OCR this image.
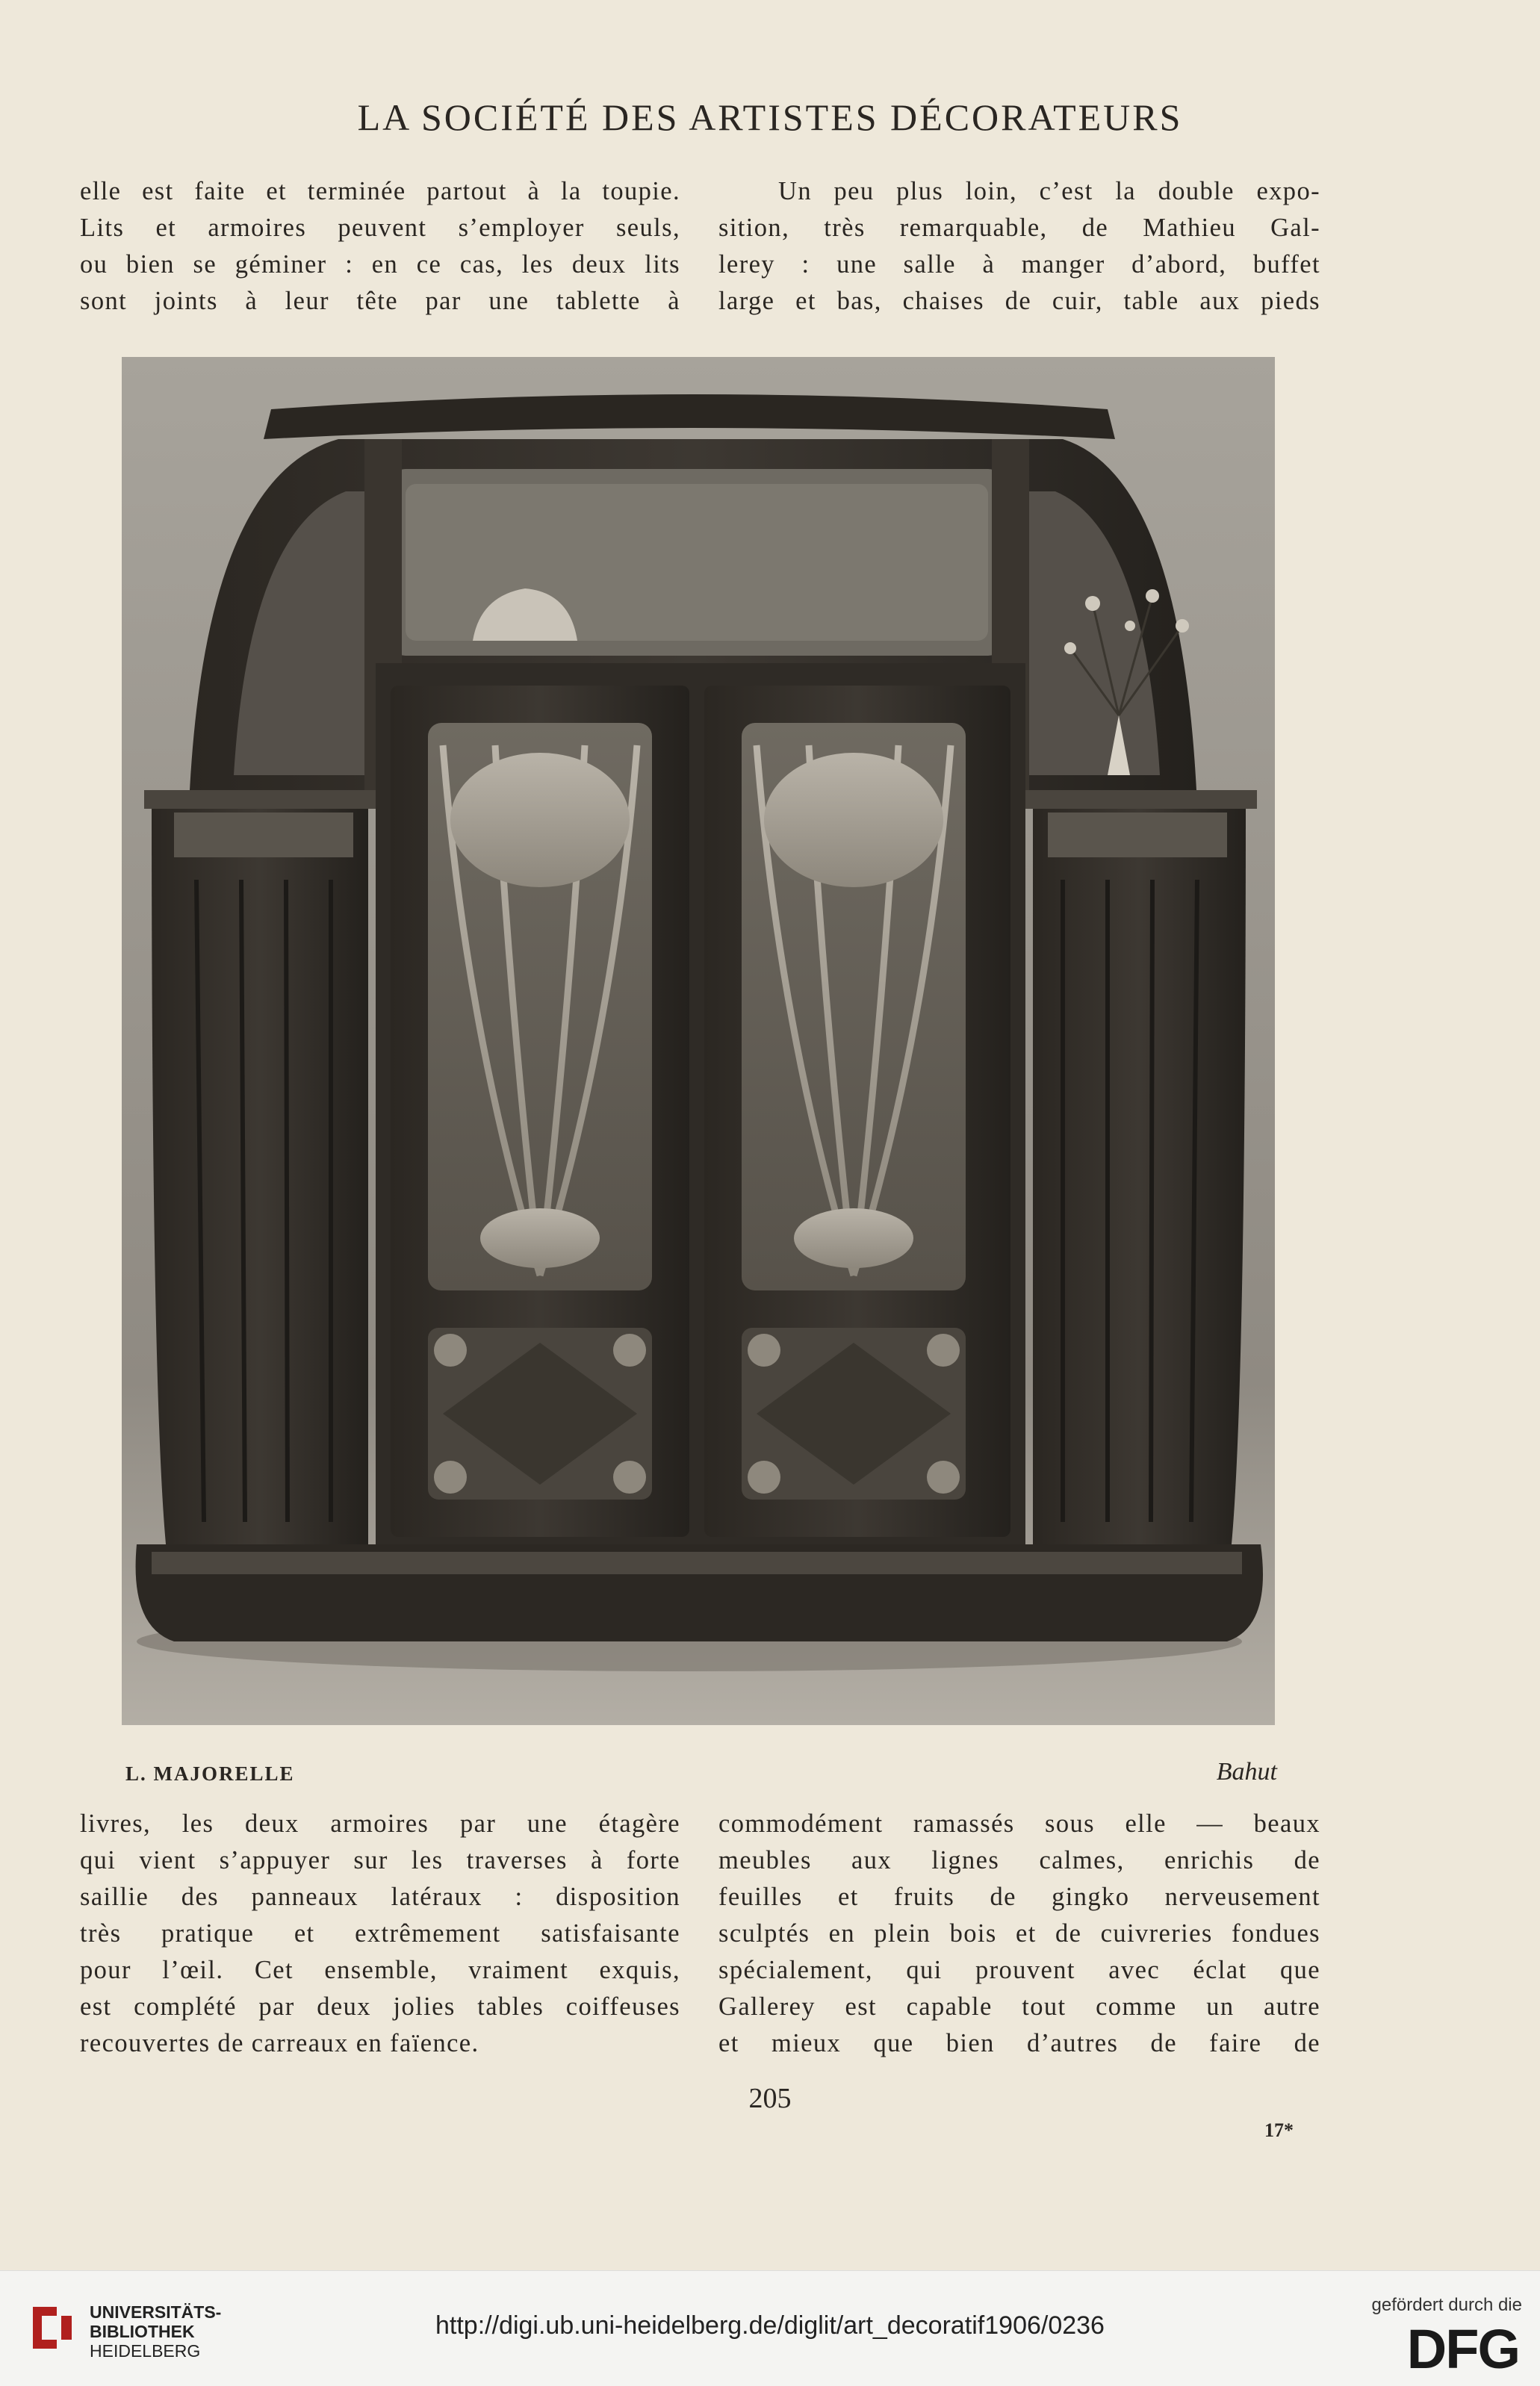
LA SOCIÉTÉ DES ARTISTES DÉCORATEURS
elle est faite et terminée partout à la toupie.
Lits et armoires peuvent s’employer seuls,
ou bien se géminer : en ce cas, les deux lits
sont joints à leur tête par une tablette à
Un peu plus loin, c’est la double expo-
sition, très remarquable, de Mathieu Gal-
lerey : une salle à manger d’abord, buffet
large et bas, chaises de cuir, table aux pieds
L. MAJORELLE	Bahut
livres, les deux armoires par une étagère
qui vient s’appuyer sur les traverses à forte
saillie des panneaux latéraux : disposition
très pratique et extrêmement satisfaisante
pour l’œil. Cet ensemble, vraiment exquis,
est complété par deux jolies tables coiffeuses
recouvertes de carreaux en faïence.
commodément ramassés sous elle — beaux
meubles aux lignes calmes, enrichis de
feuilles et fruits de gingko nerveusement
sculptés en plein bois et de cuivreries fondues
spécialement, qui prouvent avec éclat que
Gallerey est capable tout comme un autre
et mieux que bien d’autres de faire de
205
17*
UNIVERSITÄTS-
BIBLIOTHEK
HEIDELBERG
http://digi.ub.uni-heidelberg.de/diglit/art_decoratif1906/0236
gefördert durch die
DFG
